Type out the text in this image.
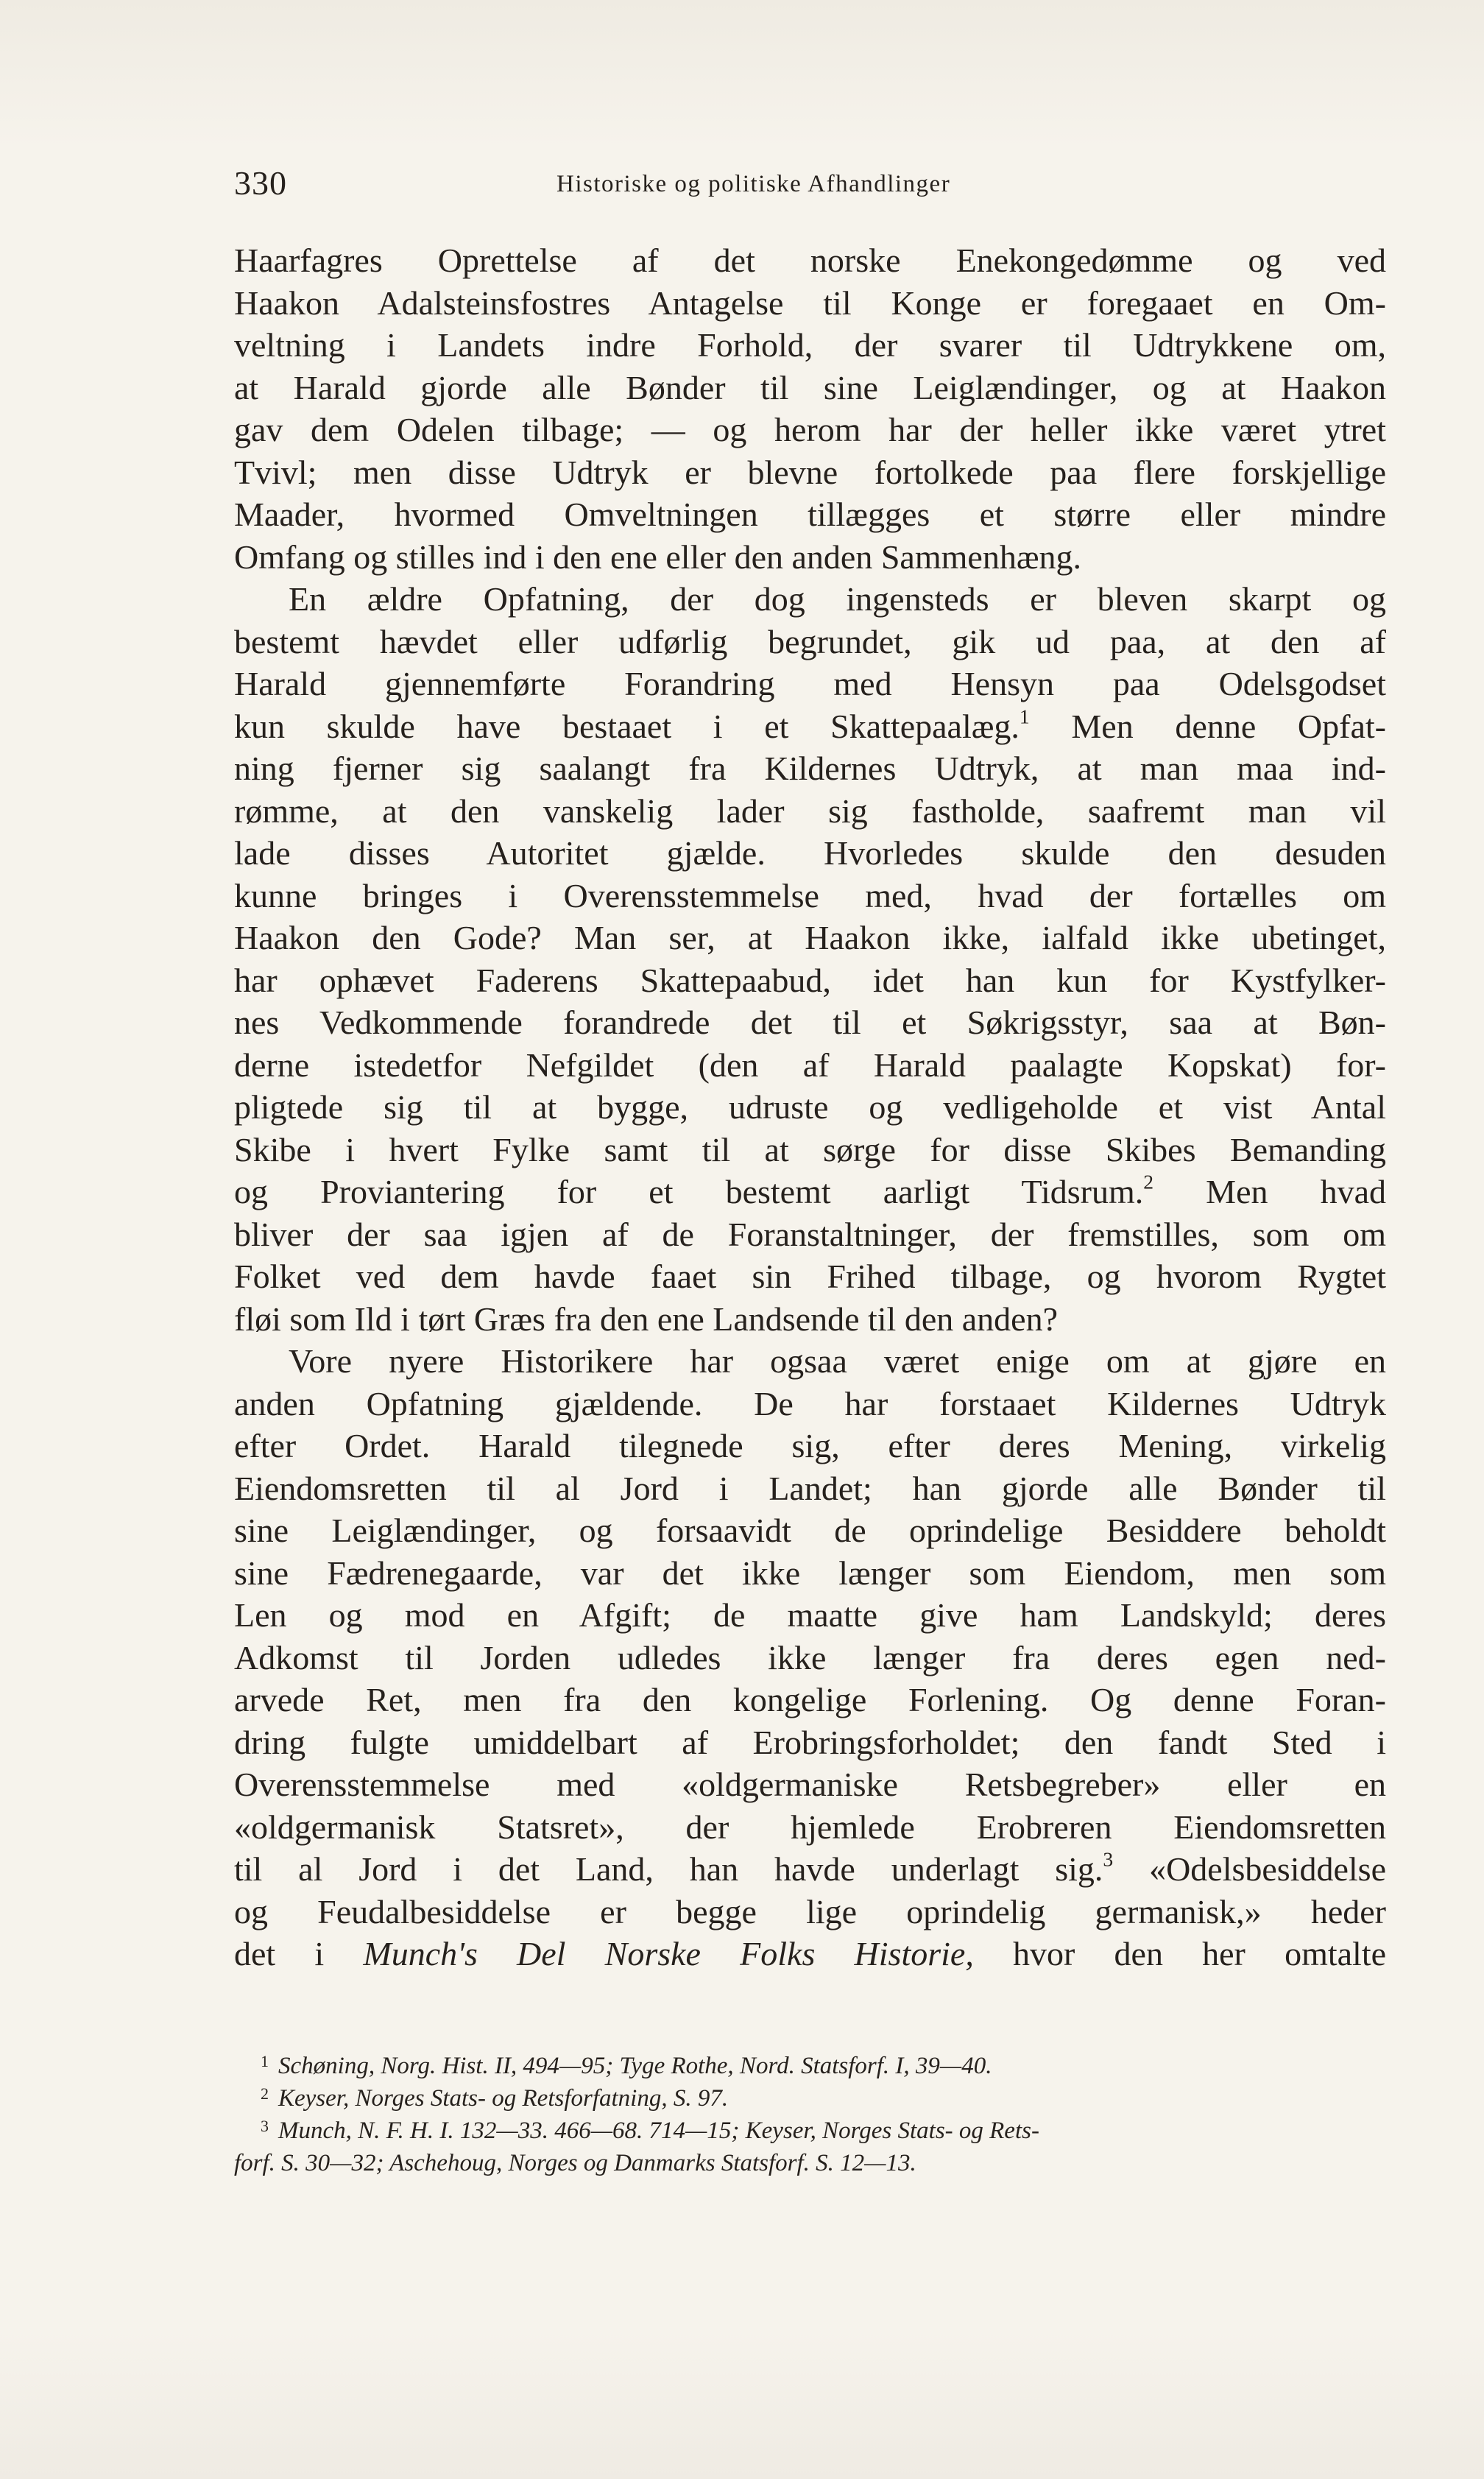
330	Historiske og politiske Afhandlinger

Haarfagres Oprettelse af det norske Enekongedømme og ved
Haakon Adalsteinsfostres Antagelse til Konge er foregaaet en Om-
veltning i Landets indre Forhold, der svarer til Udtrykkene om,
at Harald gjorde alle Bønder til sine Leiglændinger, og at Haakon
gav dem Odelen tilbage; — og herom har der heller ikke været ytret
Tvivl; men disse Udtryk er blevne fortolkede paa flere forskjellige
Maader, hvormed Omveltningen tillægges et større eller mindre
Omfang og stilles ind i den ene eller den anden Sammenhæng.

En ældre Opfatning, der dog ingensteds er bleven skarpt og
bestemt hævdet eller udførlig begrundet, gik ud paa, at den af
Harald gjennemførte Forandring med Hensyn paa Odelsgodset
kun skulde have bestaaet i et Skattepaalæg.$^1$ Men denne Opfat-
ning fjerner sig saalangt fra Kildernes Udtryk, at man maa ind-
rømme, at den vanskelig lader sig fastholde, saafremt man vil
lade disses Autoritet gjælde. Hvorledes skulde den desuden
kunne bringes i Overensstemmelse med, hvad der fortælles om
Haakon den Gode? Man ser, at Haakon ikke, ialfald ikke ubetinget,
har ophævet Faderens Skattepaabud, idet han kun for Kystfylker-
nes Vedkommende forandrede det til et Søkrigsstyr, saa at Bøn-
derne istedetfor Nefgildet (den af Harald paalagte Kopskat) for-
pligtede sig til at bygge, udruste og vedligeholde et vist Antal
Skibe i hvert Fylke samt til at sørge for disse Skibes Bemanding
og Proviantering for et bestemt aarligt Tidsrum.$^2$ Men hvad
bliver der saa igjen af de Foranstaltninger, der fremstilles, som om
Folket ved dem havde faaet sin Frihed tilbage, og hvorom Rygtet
fløi som Ild i tørt Græs fra den ene Landsende til den anden?

Vore nyere Historikere har ogsaa været enige om at gjøre en
anden Opfatning gjældende. De har forstaaet Kildernes Udtryk
efter Ordet. Harald tilegnede sig, efter deres Mening, virkelig
Eiendomsretten til al Jord i Landet; han gjorde alle Bønder til
sine Leiglændinger, og forsaavidt de oprindelige Besiddere beholdt
sine Fædrenegaarde, var det ikke længer som Eiendom, men som
Len og mod en Afgift; de maatte give ham Landskyld; deres
Adkomst til Jorden udledes ikke længer fra deres egen ned-
arvede Ret, men fra den kongelige Forlening. Og denne Foran-
dring fulgte umiddelbart af Erobringsforholdet; den fandt Sted i
Overensstemmelse med «oldgermaniske Retsbegreber» eller en
«oldgermanisk Statsret», der hjemlede Erobreren Eiendomsretten
til al Jord i det Land, han havde underlagt sig.$^3$ «Odelsbesiddelse
og Feudalbesiddelse er begge lige oprindelig germanisk,» heder
det i Munch's Del Norske Folks Historie, hvor den her omtalte

1 Schøning, Norg. Hist. II, 494—95; Tyge Rothe, Nord. Statsforf. I, 39—40.
2 Keyser, Norges Stats- og Retsforfatning, S. 97.
3 Munch, N. F. H. I. 132—33. 466—68. 714—15; Keyser, Norges Stats- og Rets-
forf. S. 30—32; Aschehoug, Norges og Danmarks Statsforf. S. 12—13.
